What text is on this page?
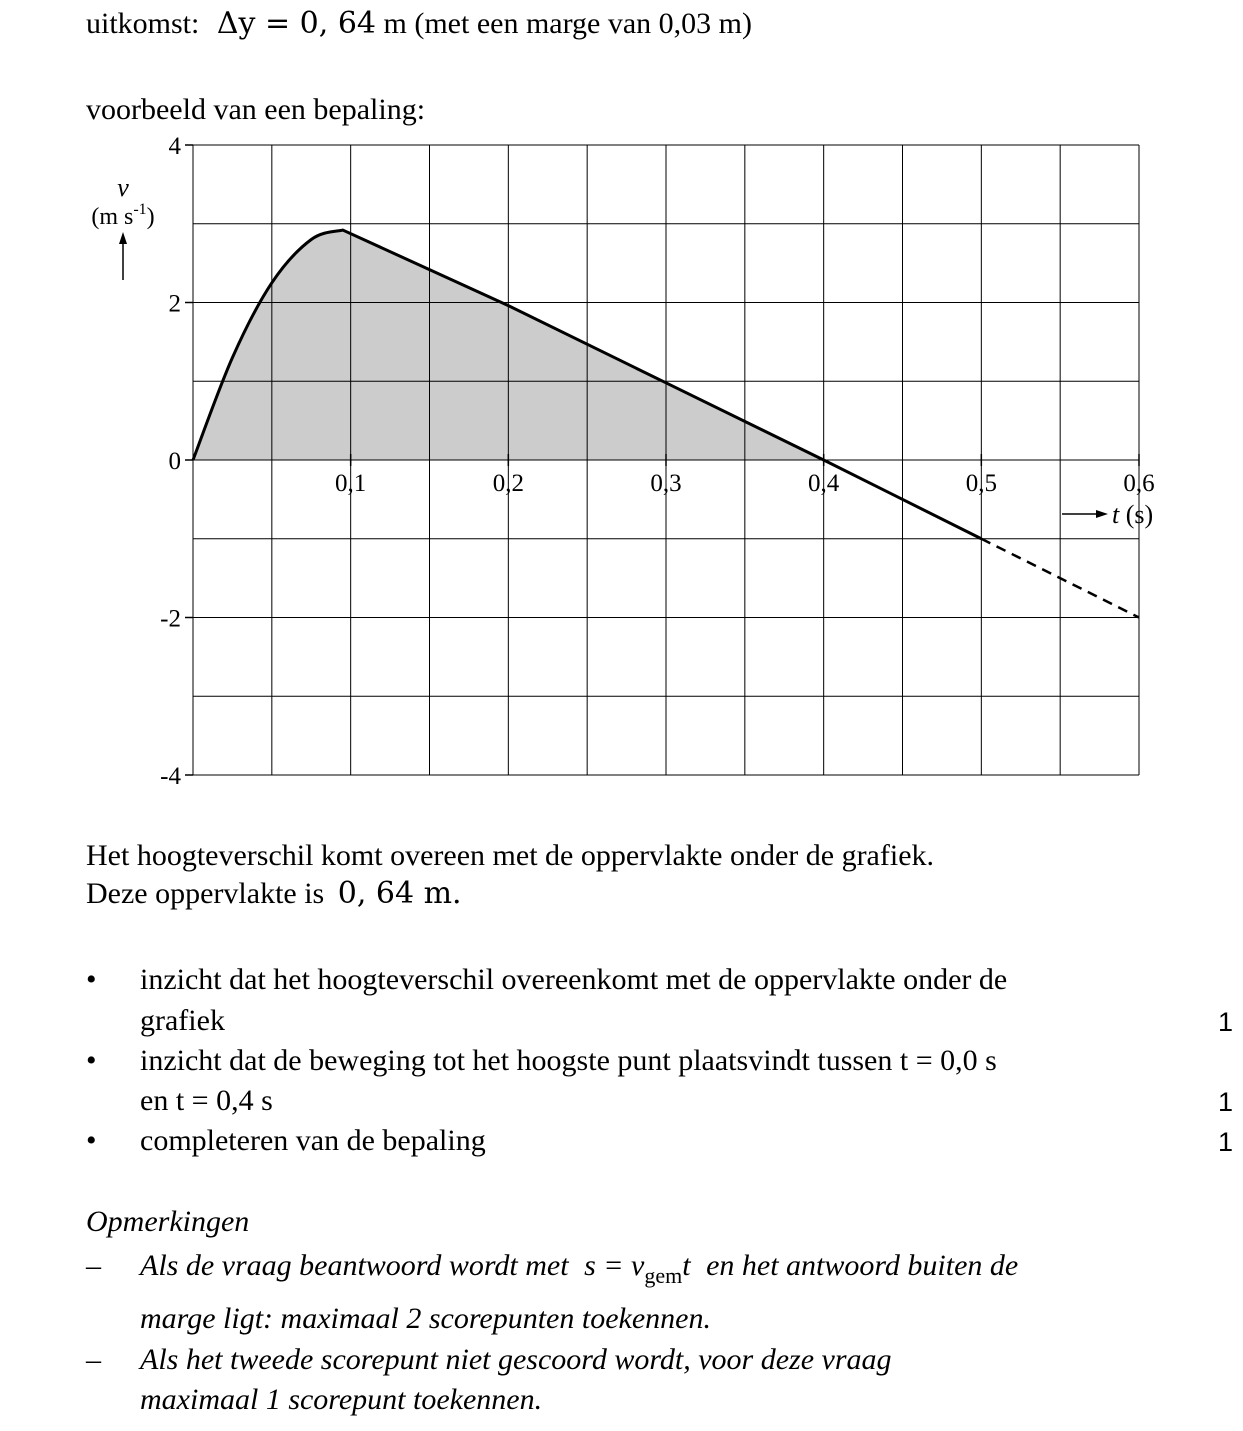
uitkomst: Δy = 0, 64 m (met een marge van 0,03 m)
voorbeeld van een bepaling:
4
2
0
-2
-4
0,1	0,2	0,3	0,4	0,5	0,6
t (s)
v
(m $s^{-1}$)
Het hoogteverschil komt overeen met de oppervlakte onder de grafiek.
Deze oppervlakte is 0, 64 m.
• inzicht dat het hoogteverschil overeenkomt met de oppervlakte onder de
grafiek	1
• inzicht dat de beweging tot het hoogste punt plaatsvindt tussen t = 0,0 s
en t = 0,4 s	1
• completeren van de bepaling	1
Opmerkingen
– Als de vraag beantwoord wordt met $s = v_{gem}t$ en het antwoord buiten de
marge ligt: maximaal 2 scorepunten toekennen.
– Als het tweede scorepunt niet gescoord wordt, voor deze vraag
maximaal 1 scorepunt toekennen.
